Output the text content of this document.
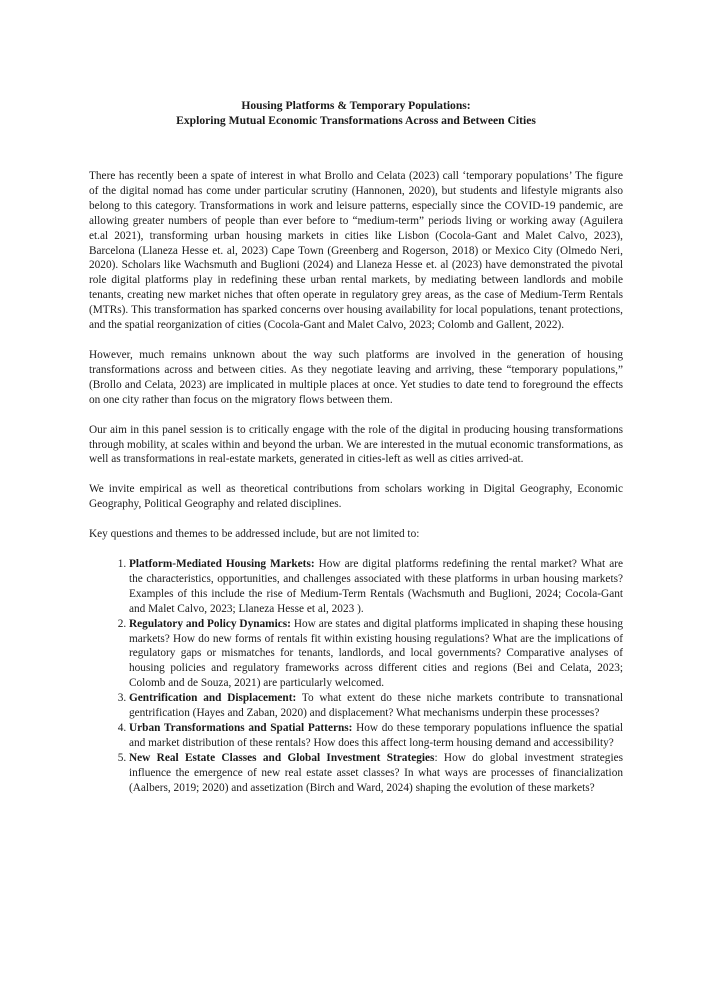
Housing Platforms & Temporary Populations:
Exploring Mutual Economic Transformations Across and Between Cities

There has recently been a spate of interest in what Brollo and Celata (2023) call ‘temporary populations’ The figure of the digital nomad has come under particular scrutiny (Hannonen, 2020), but students and lifestyle migrants also belong to this category. Transformations in work and leisure patterns, especially since the COVID-19 pandemic, are allowing greater numbers of people than ever before to “medium-term” periods living or working away (Aguilera et.al 2021), transforming urban housing markets in cities like Lisbon (Cocola-Gant and Malet Calvo, 2023), Barcelona (Llaneza Hesse et. al, 2023) Cape Town (Greenberg and Rogerson, 2018) or Mexico City (Olmedo Neri, 2020). Scholars like Wachsmuth and Buglioni (2024) and Llaneza Hesse et. al (2023) have demonstrated the pivotal role digital platforms play in redefining these urban rental markets, by mediating between landlords and mobile tenants, creating new market niches that often operate in regulatory grey areas, as the case of Medium-Term Rentals (MTRs). This transformation has sparked concerns over housing availability for local populations, tenant protections, and the spatial reorganization of cities (Cocola-Gant and Malet Calvo, 2023; Colomb and Gallent, 2022).

However, much remains unknown about the way such platforms are involved in the generation of housing transformations across and between cities. As they negotiate leaving and arriving, these “temporary populations,” (Brollo and Celata, 2023) are implicated in multiple places at once. Yet studies to date tend to foreground the effects on one city rather than focus on the migratory flows between them.

Our aim in this panel session is to critically engage with the role of the digital in producing housing transformations through mobility, at scales within and beyond the urban. We are interested in the mutual economic transformations, as well as transformations in real-estate markets, generated in cities-left as well as cities arrived-at.

We invite empirical as well as theoretical contributions from scholars working in Digital Geography, Economic Geography, Political Geography and related disciplines.

Key questions and themes to be addressed include, but are not limited to:

1. Platform-Mediated Housing Markets: How are digital platforms redefining the rental market? What are the characteristics, opportunities, and challenges associated with these platforms in urban housing markets? Examples of this include the rise of Medium-Term Rentals (Wachsmuth and Buglioni, 2024; Cocola-Gant and Malet Calvo, 2023; Llaneza Hesse et al, 2023 ).
2. Regulatory and Policy Dynamics: How are states and digital platforms implicated in shaping these housing markets? How do new forms of rentals fit within existing housing regulations? What are the implications of regulatory gaps or mismatches for tenants, landlords, and local governments? Comparative analyses of housing policies and regulatory frameworks across different cities and regions (Bei and Celata, 2023; Colomb and de Souza, 2021) are particularly welcomed.
3. Gentrification and Displacement: To what extent do these niche markets contribute to transnational gentrification (Hayes and Zaban, 2020) and displacement? What mechanisms underpin these processes?
4. Urban Transformations and Spatial Patterns: How do these temporary populations influence the spatial and market distribution of these rentals? How does this affect long-term housing demand and accessibility?
5. New Real Estate Classes and Global Investment Strategies: How do global investment strategies influence the emergence of new real estate asset classes? In what ways are processes of financialization (Aalbers, 2019; 2020) and assetization (Birch and Ward, 2024) shaping the evolution of these markets?
